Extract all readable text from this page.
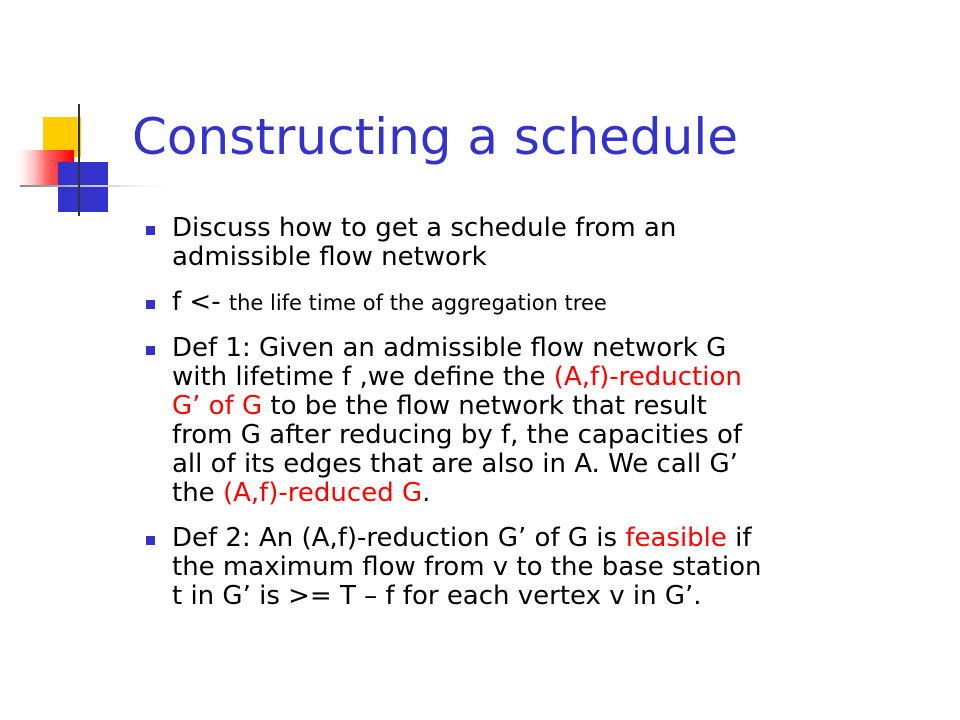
Constructing a schedule
Discuss how to get a schedule from an
admissible flow network
f <- the life time of the aggregation tree
Def 1: Given an admissible flow network G
with lifetime f ,we define the (A,f)-reduction
G’ of G to be the flow network that result
from G after reducing by f, the capacities of
all of its edges that are also in A. We call G’
the (A,f)-reduced G.
Def 2: An (A,f)-reduction G’ of G is feasible if
the maximum flow from v to the base station
t in G’ is >= T – f for each vertex v in G’.
